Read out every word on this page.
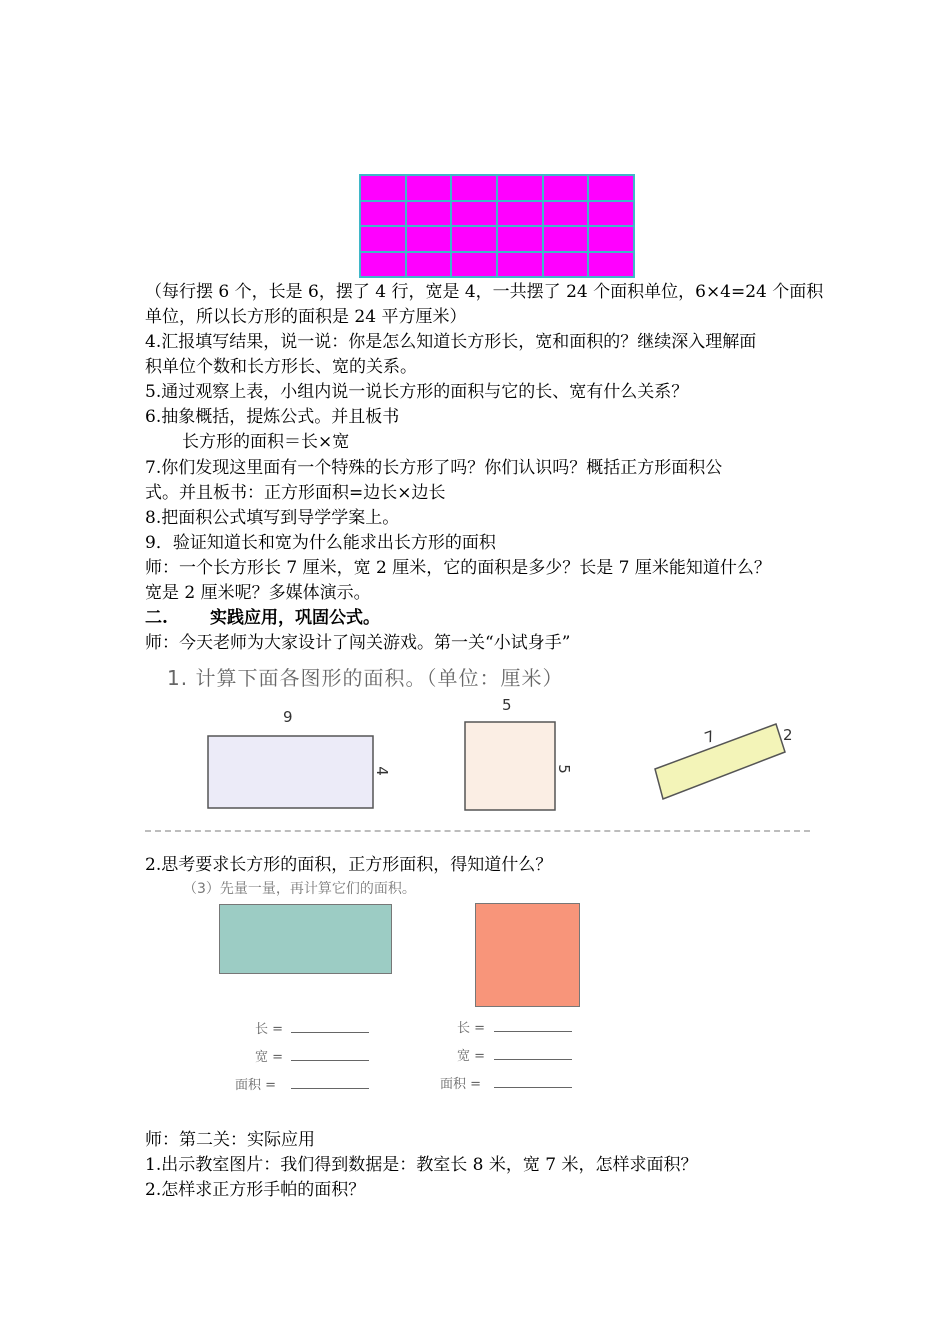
（每行摆 6 个，长是 6，摆了 4 行，宽是 4，一共摆了 24 个面积单位，6×4=24 个面积
单位，所以长方形的面积是 24 平方厘米）
4.汇报填写结果，说一说：你是怎么知道长方形长，宽和面积的？继续深入理解面
积单位个数和长方形长、宽的关系。
5.通过观察上表，小组内说一说长方形的面积与它的长、宽有什么关系？
6.抽象概括，提炼公式。并且板书
长方形的面积＝长×宽
7.你们发现这里面有一个特殊的长方形了吗？你们认识吗？概括正方形面积公
式。并且板书：正方形面积=边长×边长
8.把面积公式填写到导学学案上。
9．验证知道长和宽为什么能求出长方形的面积
师：一个长方形长 7 厘米，宽 2 厘米，它的面积是多少？长是 7 厘米能知道什么？
宽是 2 厘米呢？多媒体演示。
二. 实践应用，巩固公式。
师：今天老师为大家设计了闯关游戏。第一关“小试身手”
1. 计算下面各图形的面积。（单位：厘米）
9
4
5
5
7	2
2.思考要求长方形的面积，正方形面积，得知道什么？
（3）先量一量，再计算它们的面积。
长 =
宽 =
面积 =
长 =
宽 =
面积 =
师：第二关：实际应用
1.出示教室图片：我们得到数据是：教室长 8 米，宽 7 米，怎样求面积？
2.怎样求正方形手帕的面积？
